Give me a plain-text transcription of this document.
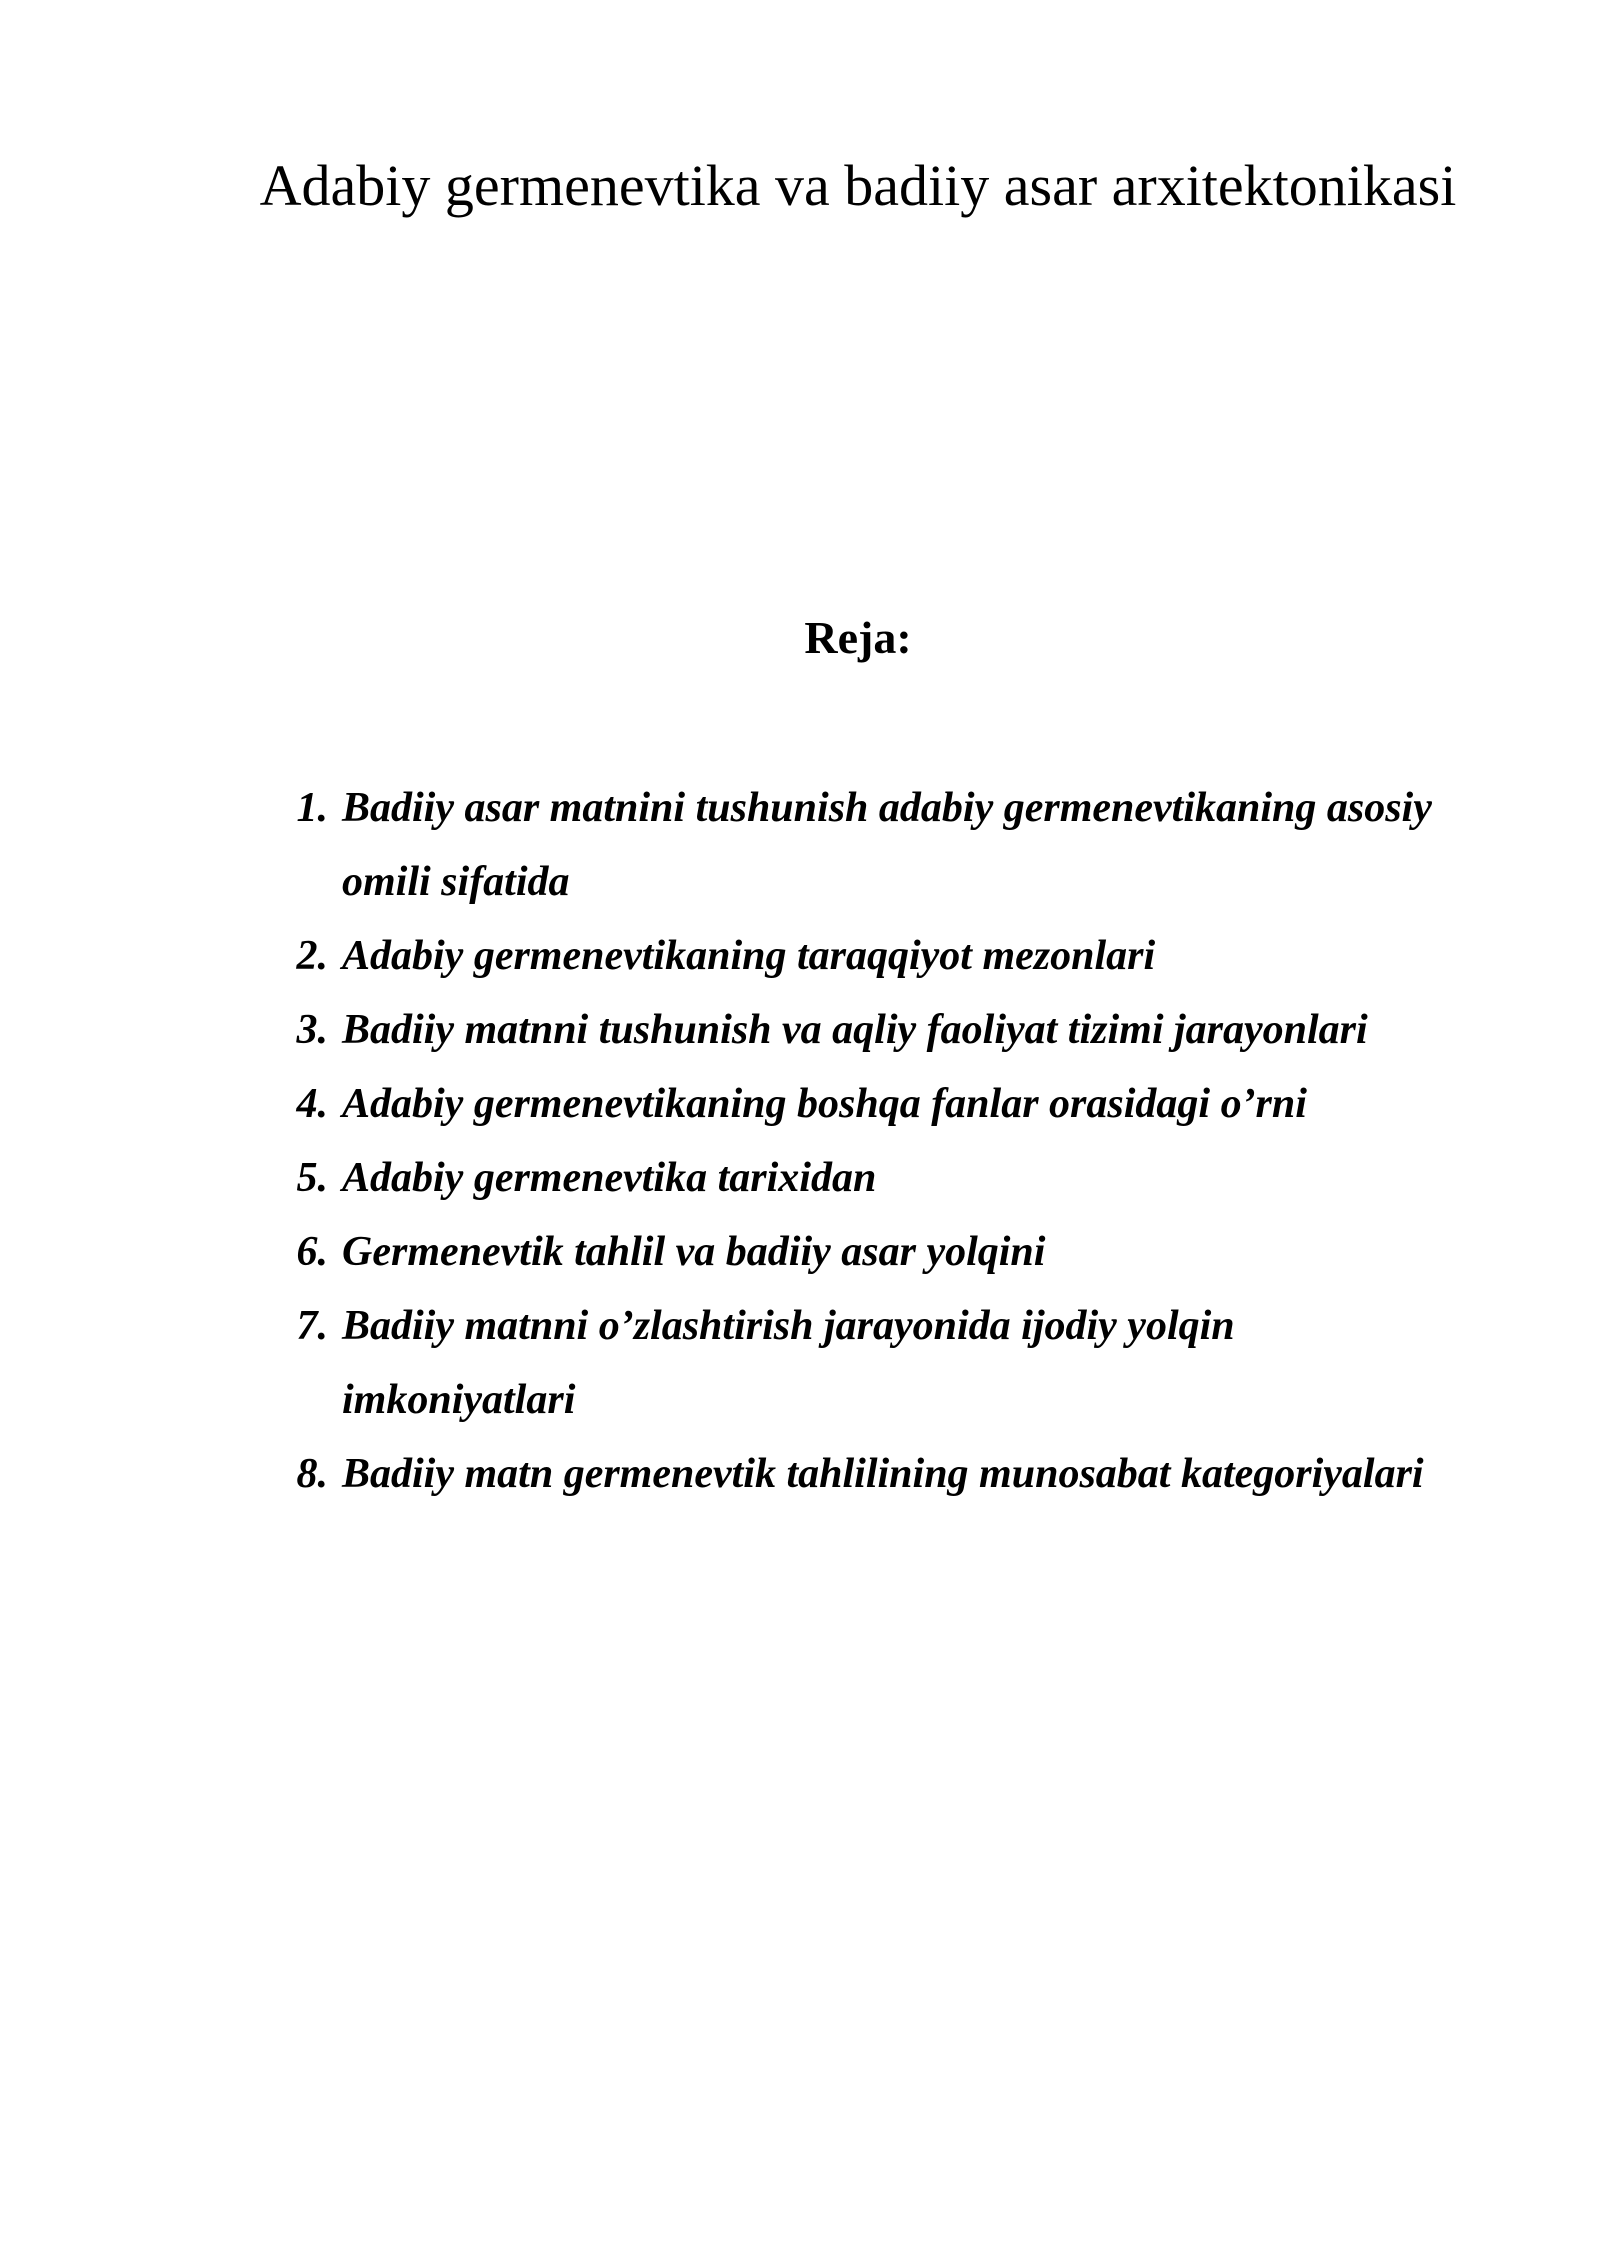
Adabiy germenevtika va badiiy asar arxitektonikasi
Reja:
1. Badiiy asar matnini tushunish adabiy germenevtikaning asosiy omili sifatida
2. Adabiy germenevtikaning taraqqiyot mezonlari
3. Badiiy matnni tushunish va aqliy faoliyat tizimi jarayonlari
4. Adabiy germenevtikaning boshqa fanlar orasidagi o’rni
5. Adabiy germenevtika tarixidan
6. Germenevtik tahlil va badiiy asar yolqini
7. Badiiy matnni o’zlashtirish jarayonida ijodiy yolqin imkoniyatlari
8. Badiiy matn germenevtik tahlilining munosabat kategoriyalari
